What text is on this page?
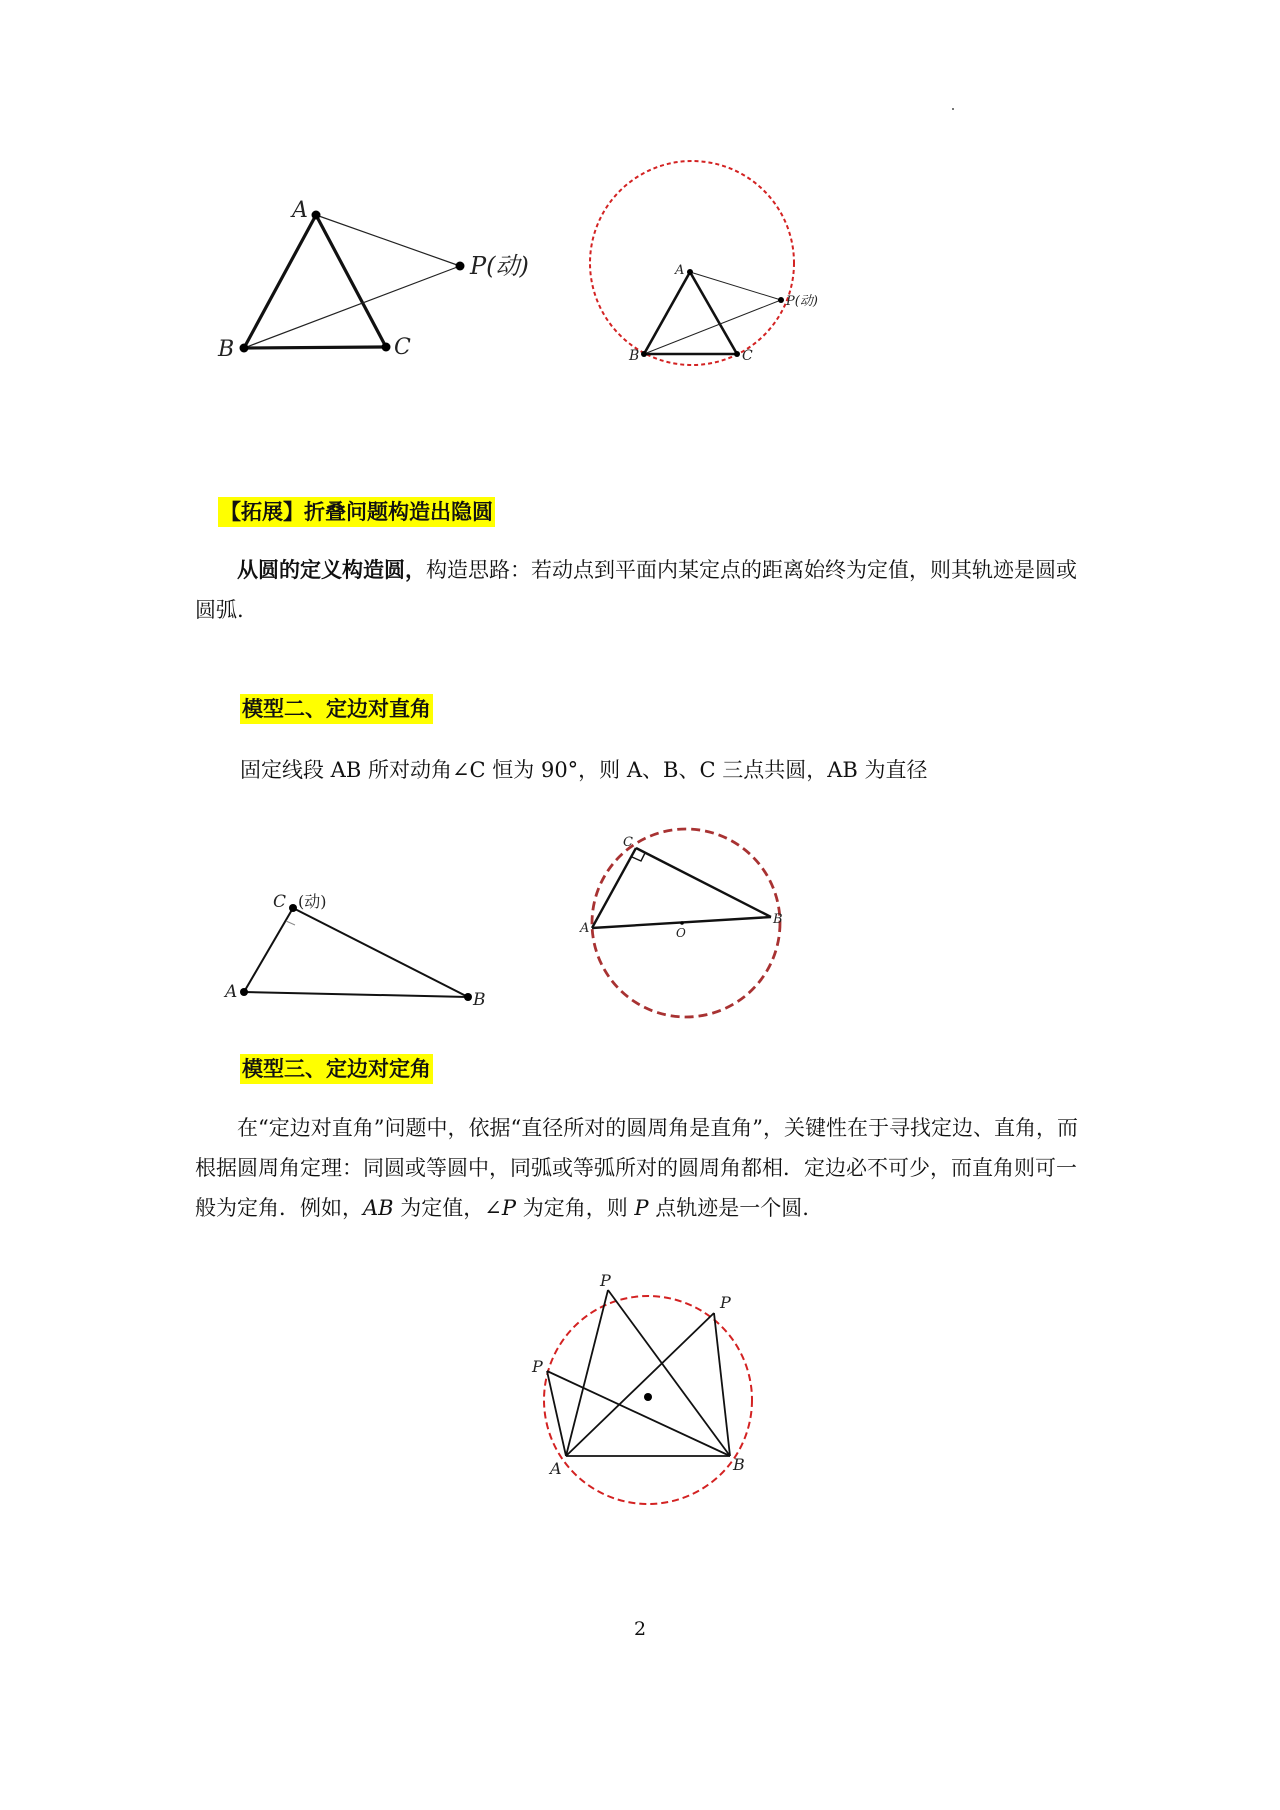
A
B	C
P(动)	A
B	C
P(动)
【拓展】折叠问题构造出隐圆
从圆的定义构造圆，构造思路：若动点到平面内某定点的距离始终为定值，则其轨迹是圆或圆弧.
模型二、定边对直角
固定线段 AB 所对动角∠C 恒为 90°，则 A、B、C 三点共圆，AB 为直径
A
C (动)
B
A
C
B
O
模型三、定边对定角
在“定边对直角”问题中，依据“直径所对的圆周角是直角”，关键性在于寻找定边、直角，而根据圆周角定理：同圆或等圆中，同弧或等弧所对的圆周角都相．定边必不可少，而直角则可一般为定角．例如，AB 为定值，∠P 为定角，则 P 点轨迹是一个圆.
P
P
P
A	B
2
